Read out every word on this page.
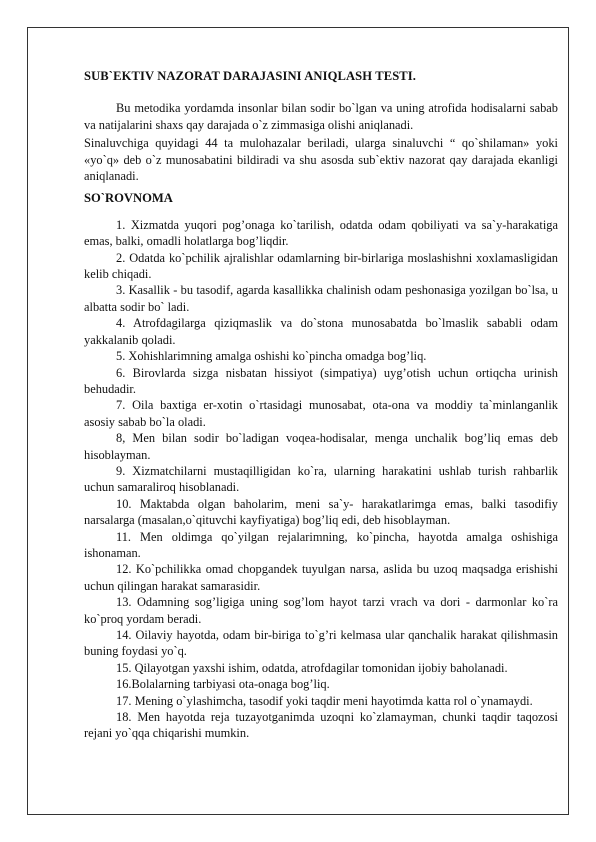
SUB`EKTIV NAZORAT DARAJASINI ANIQLASH TESTI.

Bu metodika yordamda insonlar bilan sodir bo`lgan va uning atrofida hodisalarni sabab va natijalarini shaxs qay darajada o`z zimmasiga olishi aniqlanadi.

Sinaluvchiga quyidagi 44 ta mulohazalar beriladi, ularga sinaluvchi “ qo`shilaman» yoki «yo`q» deb o`z munosabatini bildiradi va shu asosda sub`ektiv nazorat qay darajada ekanligi aniqlanadi.

SO`ROVNOMA

1. Xizmatda yuqori pog’onaga ko`tarilish, odatda odam qobiliyati va sa`y-harakatiga emas, balki, omadli holatlarga bog’liqdir.
2. Odatda ko`pchilik ajralishlar odamlarning bir-birlariga moslashishni xoxlamasligidan kelib chiqadi.
3. Kasallik - bu tasodif, agarda kasallikka chalinish odam peshonasiga yozilgan bo`lsa, u albatta sodir bo` ladi.
4. Atrofdagilarga qiziqmaslik va do`stona munosabatda bo`lmaslik sababli odam yakkalanib qoladi.
5. Xohishlarimning amalga oshishi ko`pincha omadga bog’liq.
6. Birovlarda sizga nisbatan hissiyot (simpatiya) uyg’otish uchun ortiqcha urinish behudadir.
7. Oila baxtiga er-xotin o`rtasidagi munosabat, ota-ona va moddiy ta`minlanganlik asosiy sabab bo`la oladi.
8, Men bilan sodir bo`ladigan voqea-hodisalar, menga unchalik bog’liq emas deb hisoblayman.
9. Xizmatchilarni mustaqilligidan ko`ra, ularning harakatini ushlab turish rahbarlik uchun samaraliroq hisoblanadi.
10. Maktabda olgan baholarim, meni sa`y- harakatlarimga emas, balki tasodifiy narsalarga (masalan,o`qituvchi kayfiyatiga) bog’liq edi, deb hisoblayman.
11. Men oldimga qo`yilgan rejalarimning, ko`pincha, hayotda amalga oshishiga ishonaman.
12. Ko`pchilikka omad chopgandek tuyulgan narsa, aslida bu uzoq maqsadga erishishi uchun qilingan harakat samarasidir.
13. Odamning sog’ligiga uning sog’lom hayot tarzi vrach va dori - darmonlar ko`ra ko`proq yordam beradi.
14. Oilaviy hayotda, odam bir-biriga to`g’ri kelmasa ular qanchalik harakat qilishmasin buning foydasi yo`q.
15. Qilayotgan yaxshi ishim, odatda, atrofdagilar tomonidan ijobiy baholanadi.
16.Bolalarning tarbiyasi ota-onaga bog’liq.
17. Mening o`ylashimcha, tasodif yoki taqdir meni hayotimda katta rol o`ynamaydi.
18. Men hayotda reja tuzayotganimda uzoqni ko`zlamayman, chunki taqdir taqozosi rejani yo`qqa chiqarishi mumkin.
